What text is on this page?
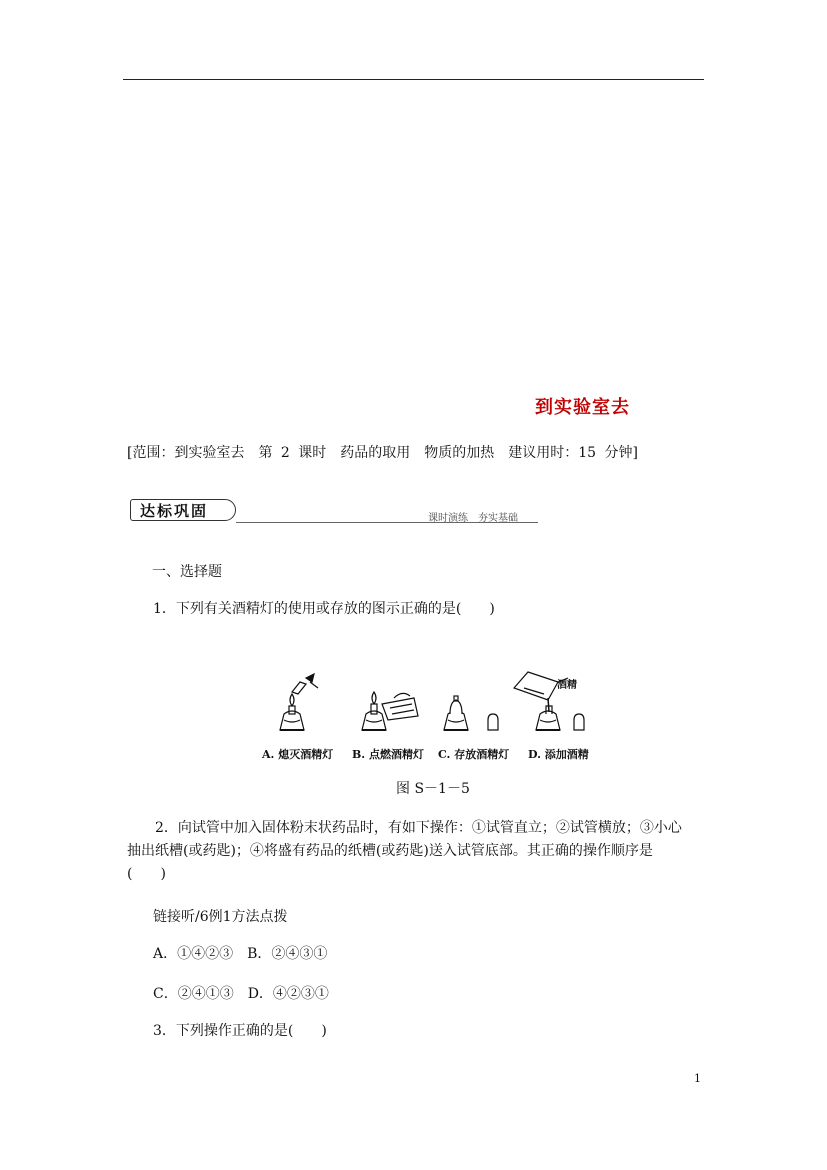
到实验室去
[范围：到实验室去　第 2 课时　药品的取用　物质的加热　建议用时：15 分钟]
达标巩固	课时演练　夯实基础
一、选择题
1．下列有关酒精灯的使用或存放的图示正确的是(　　)
酒精
A. 熄灭酒精灯 B. 点燃酒精灯 C. 存放酒精灯 D. 添加酒精
图 S－1－5
2．向试管中加入固体粉末状药品时，有如下操作：①试管直立；②试管横放；③小心
抽出纸槽(或药匙)；④将盛有药品的纸槽(或药匙)送入试管底部。其正确的操作顺序是
(　　)
链接听/6例1方法点拨
A．①④②③　B．②④③①
C．②④①③　D．④②③①
3．下列操作正确的是(　　)
1
